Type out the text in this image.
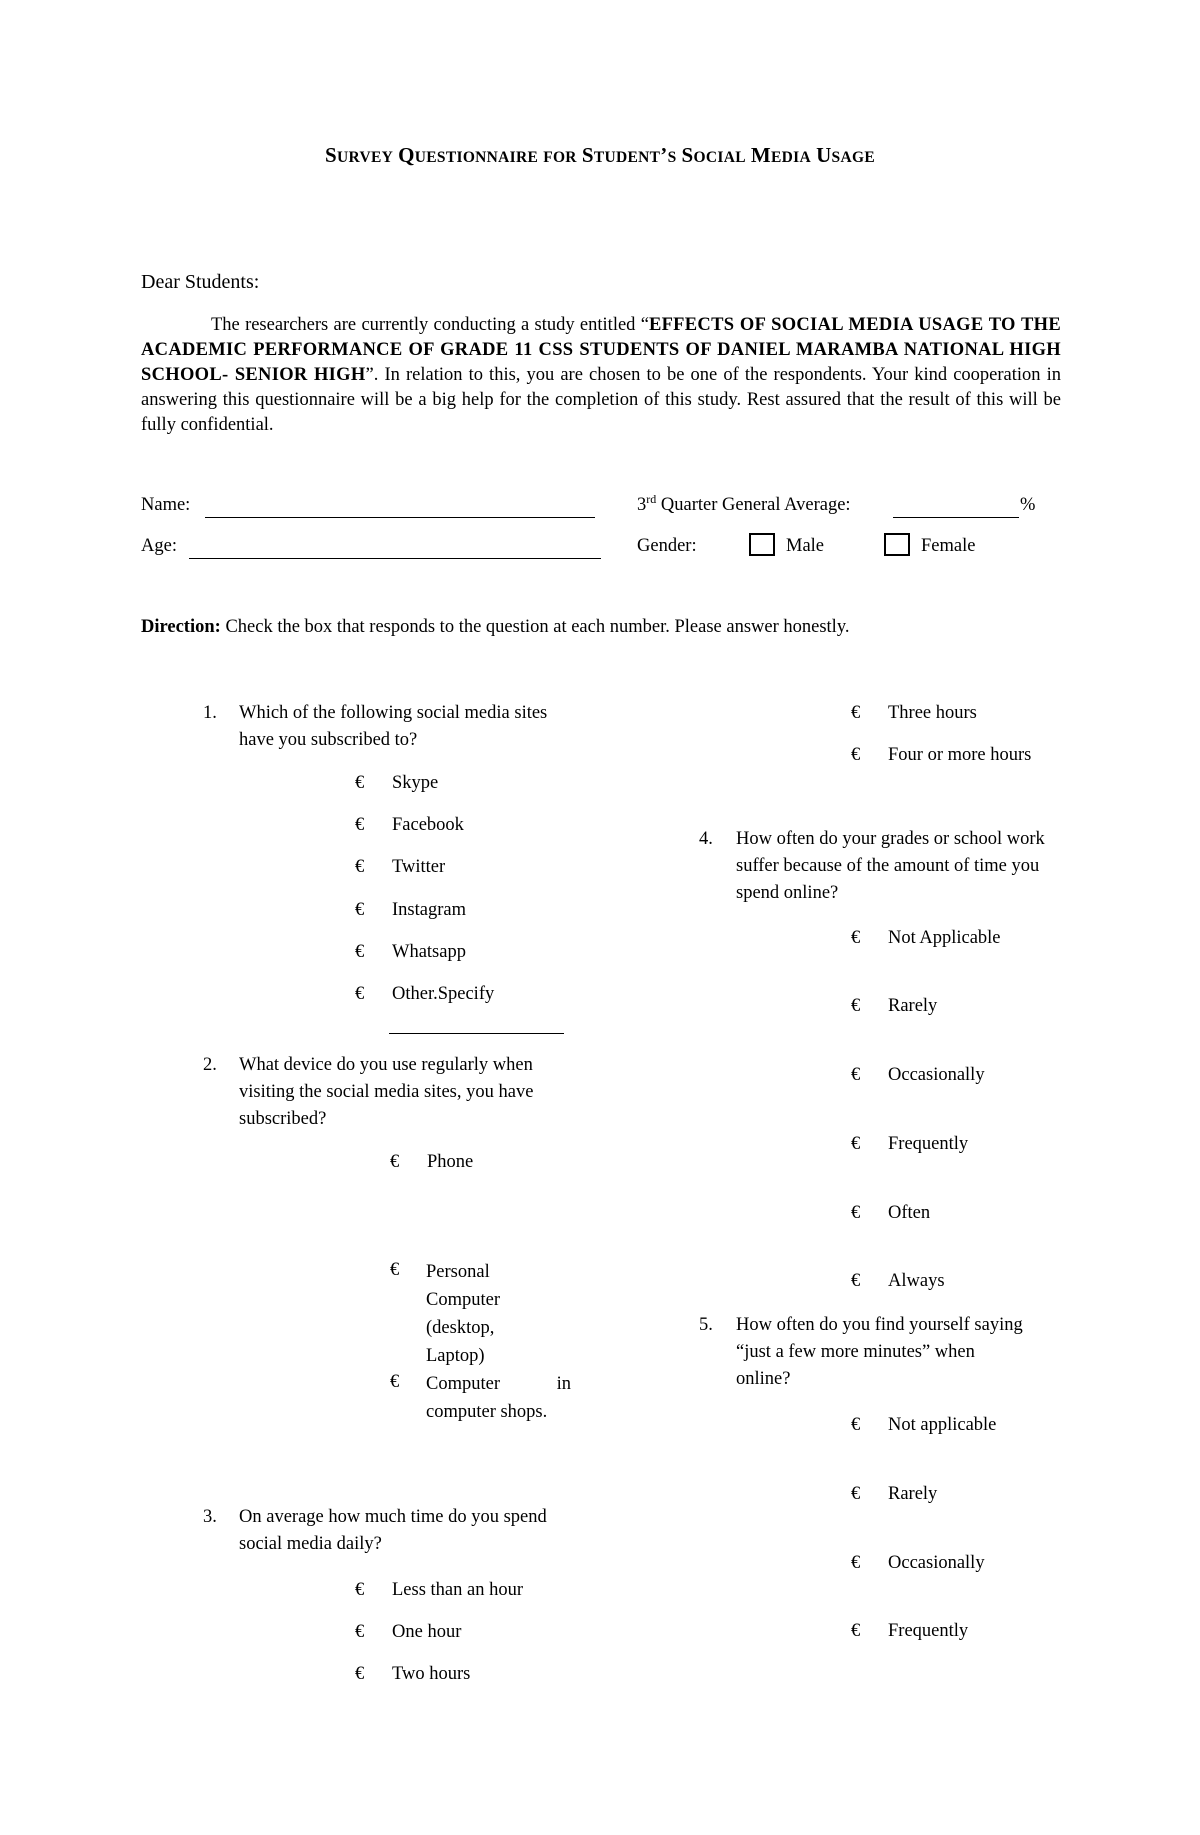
SURVEY QUESTIONNAIRE FOR STUDENT’S SOCIAL MEDIA USAGE
Dear Students:
The researchers are currently conducting a study entitled “EFFECTS OF SOCIAL MEDIA USAGE TO THE ACADEMIC PERFORMANCE OF GRADE 11 CSS STUDENTS OF DANIEL MARAMBA NATIONAL HIGH SCHOOL- SENIOR HIGH”. In relation to this, you are chosen to be one of the respondents. Your kind cooperation in answering this questionnaire will be a big help for the completion of this study. Rest assured that the result of this will be fully confidential.
Name:	3rd Quarter General Average:	%
Age:	Gender:	Male	Female
Direction: Check the box that responds to the question at each number. Please answer honestly.
1. Which of the following social media sites have you subscribed to?
€ Skype
€ Facebook
€ Twitter
€ Instagram
€ Whatsapp
€ Other.Specify
2. What device do you use regularly when visiting the social media sites, you have subscribed?
€ Phone
€	Personal Computer (desktop, Laptop)
€	Computer in computer shops.
3. On average how much time do you spend social media daily?
€ Less than an hour
€ One hour
€ Two hours
€ Three hours
€ Four or more hours
4. How often do your grades or school work suffer because of the amount of time you spend online?
€ Not Applicable
€ Rarely
€ Occasionally
€ Frequently
€ Often
€ Always
5. How often do you find yourself saying “just a few more minutes” when online?
€ Not applicable
€ Rarely
€ Occasionally
€ Frequently
